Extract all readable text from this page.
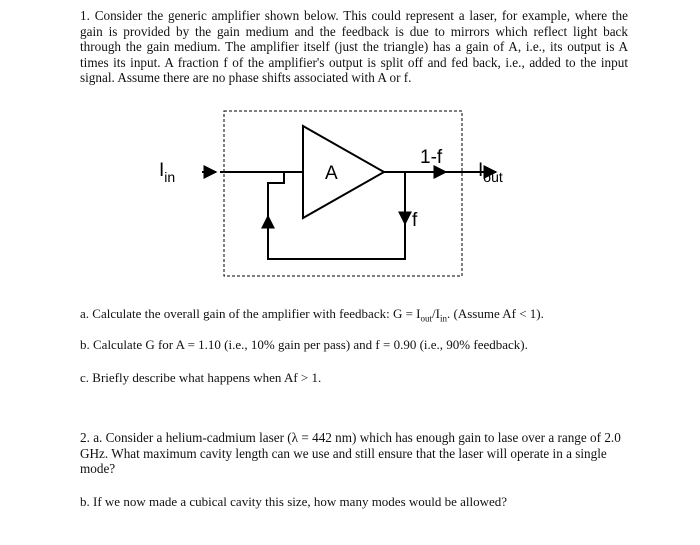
1. Consider the generic amplifier shown below. This could represent a laser, for example, where the gain is provided by the gain medium and the feedback is due to mirrors which reflect light back through the gain medium. The amplifier itself (just the triangle) has a gain of A, i.e., its output is A times its input. A fraction f of the amplifier's output is split off and fed back, i.e., added to the input signal. Assume there are no phase shifts associated with A or f.
A
1-f
f
$I_{in}$	$I_{out}$
a. Calculate the overall gain of the amplifier with feedback: $G = I_{out}/I_{in}$. (Assume Af < 1).
b. Calculate G for A = 1.10 (i.e., 10% gain per pass) and f = 0.90 (i.e., 90% feedback).
c. Briefly describe what happens when Af > 1.
2. a. Consider a helium-cadmium laser (λ = 442 nm) which has enough gain to lase over a range of 2.0 GHz. What maximum cavity length can we use and still ensure that the laser will operate in a single mode?
b. If we now made a cubical cavity this size, how many modes would be allowed?
